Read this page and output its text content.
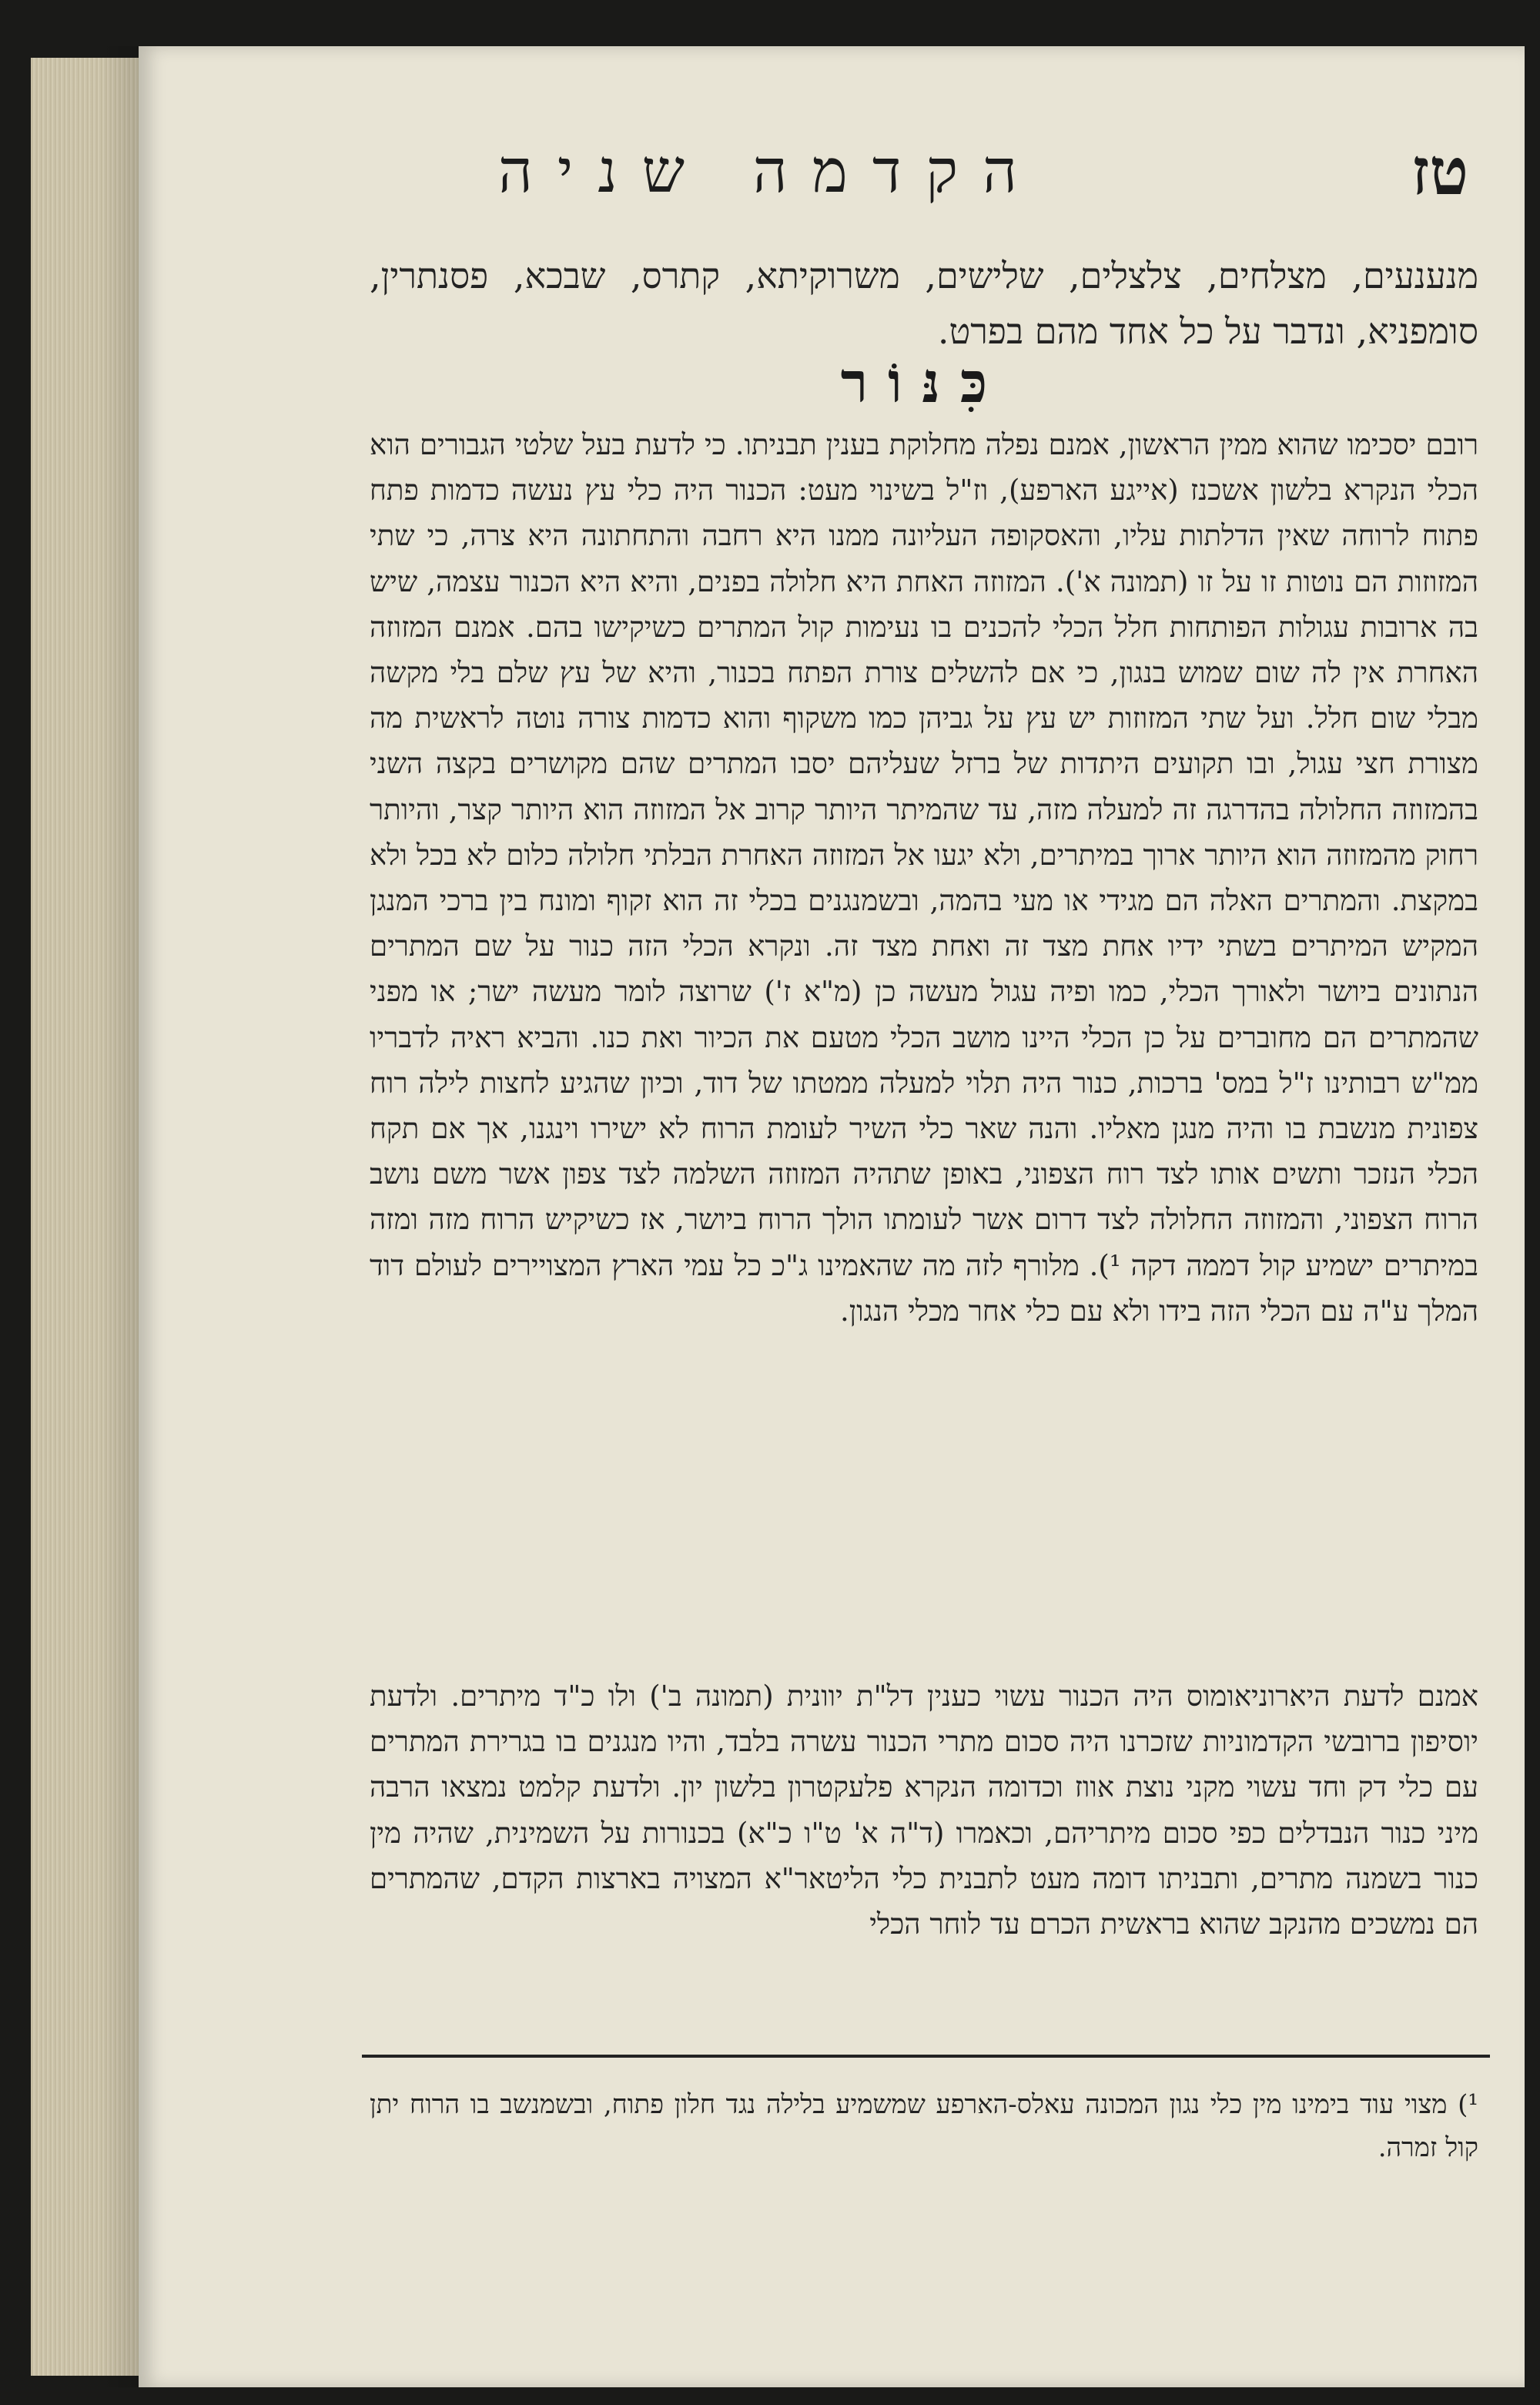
הקדמה שניה	טז
מנענעים, מצלחים, צלצלים, שלישים, משרוקיתא, קתרס, שבכא, פסנתרין, סומפניא, ונדבר על כל אחד מהם בפרט.
כִּנּוֹר

רובם יסכימו שהוא ממין הראשון, אמנם נפלה מחלוקת בענין תבניתו. כי לדעת בעל שלטי הגבורים הוא הכלי הנקרא בלשון אשכנז (אייגע הארפע), וז"ל בשינוי מעט: הכנור היה כלי עץ נעשה כדמות פתח פתוח לרוחה שאין הדלתות עליו, והאסקופה העליונה ממנו היא רחבה והתחתונה היא צרה, כי שתי המזוזות הם נוטות זו על זו (תמונה א'). המזוזה האחת היא חלולה בפנים, והיא היא הכנור עצמה, שיש בה ארובות עגולות הפותחות חלל הכלי להכנים בו נעימות קול המתרים כשיקישו בהם. אמנם המזוזה האחרת אין לה שום שמוש בנגון, כי אם להשלים צורת הפתח בכנור, והיא של עץ שלם בלי מקשה מבלי שום חלל. ועל שתי המזוזות יש עץ על גביהן כמו משקוף והוא כדמות צורה נוטה לראשית מה מצורת חצי עגול, ובו תקועים היתדות של ברזל שעליהם יסבו המתרים שהם מקושרים בקצה השני בהמזוזה החלולה בהדרגה זה למעלה מזה, עד שהמיתר היותר קרוב אל המזוזה הוא היותר קצר, והיותר רחוק מהמזוזה הוא היותר ארוך במיתרים, ולא יגעו אל המזוזה האחרת הבלתי חלולה כלום לא בכל ולא במקצת. והמתרים האלה הם מגידי או מעי בהמה, ובשמנגנים בכלי זה הוא זקוף ומונח בין ברכי המנגן המקיש המיתרים בשתי ידיו אחת מצד זה ואחת מצד זה. ונקרא הכלי הזה כנור על שם המתרים הנתונים ביושר ולאורך הכלי, כמו ופיה עגול מעשה כן (מ"א ז') שרוצה לומר מעשה ישר; או מפני שהמתרים הם מחוברים על כן הכלי היינו מושב הכלי מטעם את הכיור ואת כנו. והביא ראיה לדבריו ממ"ש רבותינו ז"ל במס' ברכות, כנור היה תלוי למעלה ממטתו של דוד, וכיון שהגיע לחצות לילה רוח צפונית מנשבת בו והיה מנגן מאליו. והנה שאר כלי השיר לעומת הרוח לא ישירו וינגנו, אך אם תקח הכלי הנזכר ותשים אותו לצד רוח הצפוני, באופן שתהיה המזוזה השלמה לצד צפון אשר משם נושב הרוח הצפוני, והמזוזה החלולה לצד דרום אשר לעומתו הולך הרוח ביושר, אז כשיקיש הרוח מזה ומזה במיתרים ישמיע קול דממה דקה ¹). מלורף לזה מה שהאמינו ג"כ כל עמי הארץ המצויירים לעולם דוד המלך ע"ה עם הכלי הזה בידו ולא עם כלי אחר מכלי הנגון.

אמנם לדעת היארוניאומוס היה הכנור עשוי כענין דל"ת יוונית (תמונה ב') ולו כ"ד מיתרים. ולדעת יוסיפון ברובשי הקדמוניות שזכרנו היה סכום מתרי הכנור עשרה בלבד, והיו מנגנים בו בגרירת המתרים עם כלי דק וחד עשוי מקני נוצת אווז וכדומה הנקרא פלעקטרון בלשון יון. ולדעת קלמט נמצאו הרבה מיני כנור הנבדלים כפי סכום מיתריהם, וכאמרו (ד"ה א' ט"ו כ"א) בכנורות על השמינית, שהיה מין כנור בשמנה מתרים, ותבניתו דומה מעט לתבנית כלי הליטאר"א המצויה בארצות הקדם, שהמתרים הם נמשכים מהנקב שהוא בראשית הכרם עד לוחר הכלי

¹) מצוי עוד בימינו מין כלי נגון המכונה עאלס-הארפע שמשמיע בלילה נגד חלון פתוח, ובשמנשב בו הרוח יתן קול זמרה.
